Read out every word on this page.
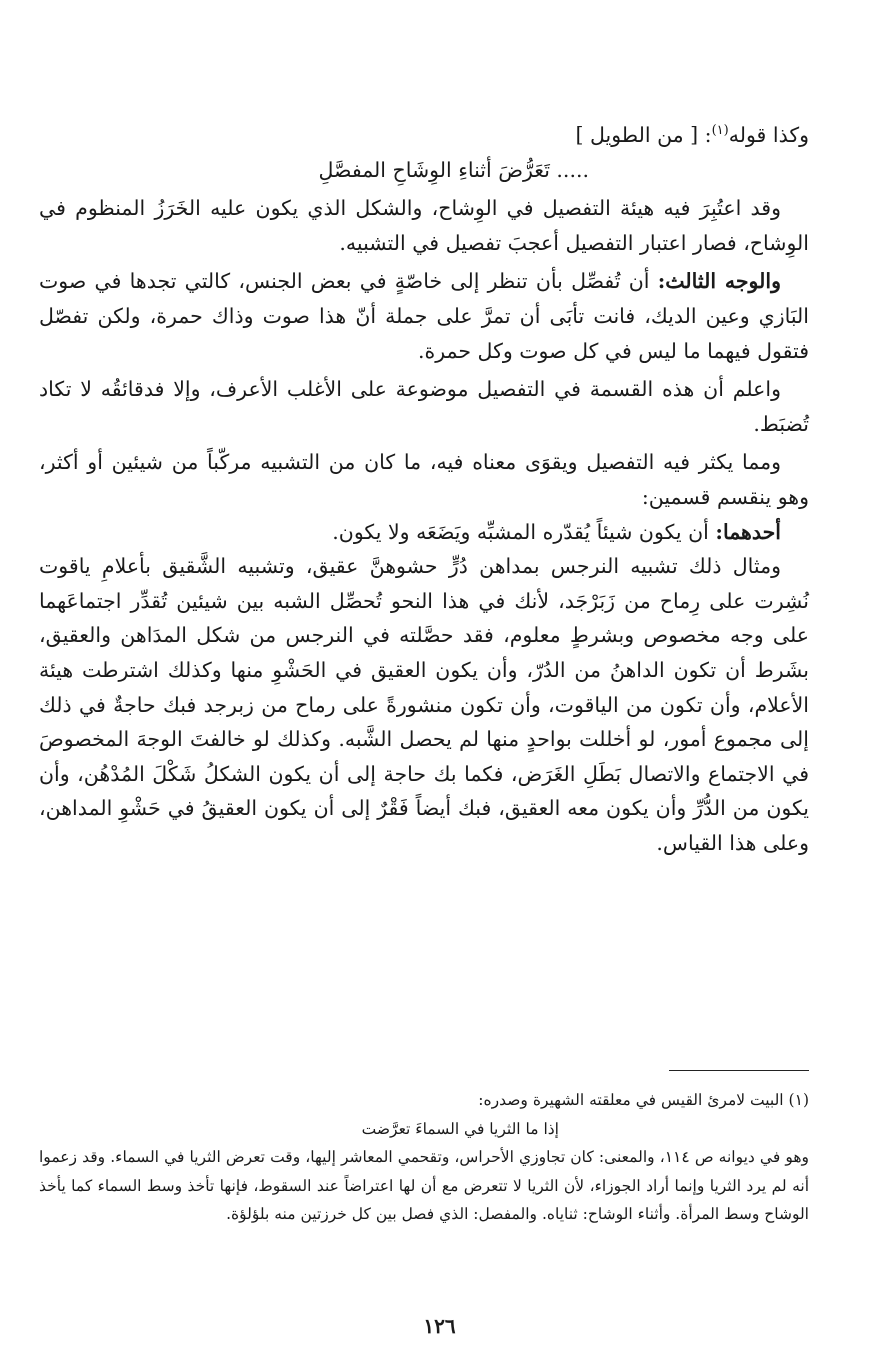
وكذا قوله$^{(١)}$: [ من الطويل ]

..... تَعَرُّضَ أثناءِ الوِشَاحِ المفصَّلِ

وقد اعتُبِرَ فيه هيئة التفصيل في الوِشاح، والشكل الذي يكون عليه الخَرَزُ المنظوم في الوِشاح، فصار اعتبار التفصيل أعجبَ تفصيل في التشبيه.

والوجه الثالث: أن تُفصِّل بأن تنظر إلى خاصّةٍ في بعض الجنس، كالتي تجدها في صوت البَازي وعين الديك، فانت تأبَى أن تمرَّ على جملة أنّ هذا صوت وذاك حمرة، ولكن تفصّل فتقول فيهما ما ليس في كل صوت وكل حمرة.

واعلم أن هذه القسمة في التفصيل موضوعة على الأغلب الأعرف، وإلا فدقائقُه لا تكاد تُضبَط.

ومما يكثر فيه التفصيل ويقوَى معناه فيه، ما كان من التشبيه مركّباً من شيئين أو أكثر، وهو ينقسم قسمين:

أحدهما: أن يكون شيئاً يُقدّره المشبِّه ويَضَعَه ولا يكون.

ومثال ذلك تشبيه النرجس بمداهن دُرٍّ حشوهنَّ عقيق، وتشبيه الشَّقيق بأعلامِ ياقوت نُشِرت على رِماح من زَبَرْجَد، لأنك في هذا النحو تُحصِّل الشبه بين شيئين تُقدِّر اجتماعَهما على وجه مخصوص وبشرطٍ معلوم، فقد حصَّلته في النرجس من شكل المدَاهن والعقيق، بشَرط أن تكون الداهنُ من الدُرّ، وأن يكون العقيق في الحَشْوِ منها وكذلك اشترطت هيئة الأعلام، وأن تكون من الياقوت، وأن تكون منشورةً على رماح من زبرجد فبك حاجةٌ في ذلك إلى مجموع أمور، لو أخللت بواحدٍ منها لم يحصل الشَّبه. وكذلك لو خالفتَ الوجهَ المخصوصَ في الاجتماع والاتصال بَطَلِ الغَرَض، فكما بك حاجة إلى أن يكون الشكلُ شَكْلَ المُدْهُن، وأن يكون من الدُّرِّ وأن يكون معه العقيق، فبك أيضاً فَقْرٌ إلى أن يكون العقيقُ في حَشْوِ المداهن، وعلى هذا القياس.

(١) البيت لامرئ القيس في معلقته الشهيرة وصدره:

إذا ما الثريا في السماءَ تعرَّضت

وهو في ديوانه ص ١١٤، والمعنى: كان تجاوزي الأحراس، وتقحمي المعاشر إليها، وقت تعرض الثريا في السماء. وقد زعموا أنه لم يرد الثريا وإنما أراد الجوزاء، لأن الثريا لا تتعرض مع أن لها اعتراضاً عند السقوط، فإنها تأخذ وسط السماء كما يأخذ الوشاح وسط المرأة. وأثناء الوشاح: ثناياه. والمفصل: الذي فصل بين كل خرزتين منه بلؤلؤة.

١٢٦
